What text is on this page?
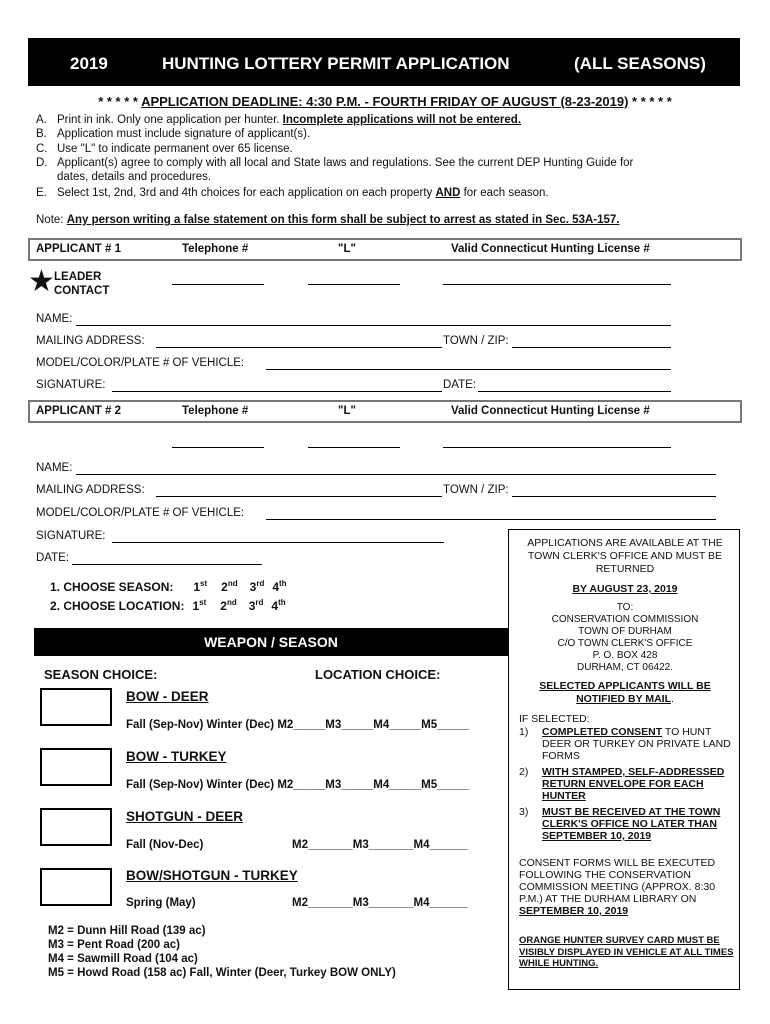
2019	HUNTING LOTTERY PERMIT APPLICATION	(ALL SEASONS)
* * * * * APPLICATION DEADLINE: 4:30 P.M. - FOURTH FRIDAY OF AUGUST (8-23-2019) * * * * *
A. Print in ink. Only one application per hunter. Incomplete applications will not be entered.
B. Application must include signature of applicant(s).
C. Use "L" to indicate permanent over 65 license.
D. Applicant(s) agree to comply with all local and State laws and regulations. See the current DEP Hunting Guide for
dates, details and procedures.
E. Select 1st, 2nd, 3rd and 4th choices for each application on each property AND for each season.
Note: Any person writing a false statement on this form shall be subject to arrest as stated in Sec. 53A-157.
APPLICANT # 1	Telephone #	"L"	Valid Connecticut Hunting License #
★ LEADER
CONTACT
NAME:
MAILING ADDRESS:	TOWN / ZIP:
MODEL/COLOR/PLATE # OF VEHICLE:
SIGNATURE:	DATE:
APPLICANT # 2	Telephone #	"L"	Valid Connecticut Hunting License #
NAME:
MAILING ADDRESS:	TOWN / ZIP:
MODEL/COLOR/PLATE # OF VEHICLE:
SIGNATURE:
DATE:
1. CHOOSE SEASON: 1st 2nd 3rd 4th
2. CHOOSE LOCATION: 1st 2nd 3rd 4th
WEAPON / SEASON
SEASON CHOICE:	LOCATION CHOICE:
BOW - DEER
Fall (Sep-Nov) Winter (Dec) M2_____M3_____M4_____M5_____
BOW - TURKEY
Fall (Sep-Nov) Winter (Dec) M2_____M3_____M4_____M5_____
SHOTGUN - DEER
Fall (Nov-Dec)	M2_______M3_______M4______
BOW/SHOTGUN - TURKEY
Spring (May)	M2_______M3_______M4______
M2 = Dunn Hill Road (139 ac)
M3 = Pent Road (200 ac)
M4 = Sawmill Road (104 ac)
M5 = Howd Road (158 ac) Fall, Winter (Deer, Turkey BOW ONLY)
APPLICATIONS ARE AVAILABLE AT THE
TOWN CLERK'S OFFICE AND MUST BE
RETURNED
BY AUGUST 23, 2019
TO:
CONSERVATION COMMISSION
TOWN OF DURHAM
C/O TOWN CLERK'S OFFICE
P. O. BOX 428
DURHAM, CT 06422.
SELECTED APPLICANTS WILL BE
NOTIFIED BY MAIL.
IF SELECTED:
1) COMPLETED CONSENT TO HUNT DEER OR TURKEY ON PRIVATE LAND FORMS
2) WITH STAMPED, SELF-ADDRESSED RETURN ENVELOPE FOR EACH HUNTER
3) MUST BE RECEIVED AT THE TOWN CLERK'S OFFICE NO LATER THAN SEPTEMBER 10, 2019
CONSENT FORMS WILL BE EXECUTED
FOLLOWING THE CONSERVATION
COMMISSION MEETING (APPROX. 8:30
P.M.) AT THE DURHAM LIBRARY ON
SEPTEMBER 10, 2019
ORANGE HUNTER SURVEY CARD MUST BE VISIBLY DISPLAYED IN VEHICLE AT ALL TIMES WHILE HUNTING.
